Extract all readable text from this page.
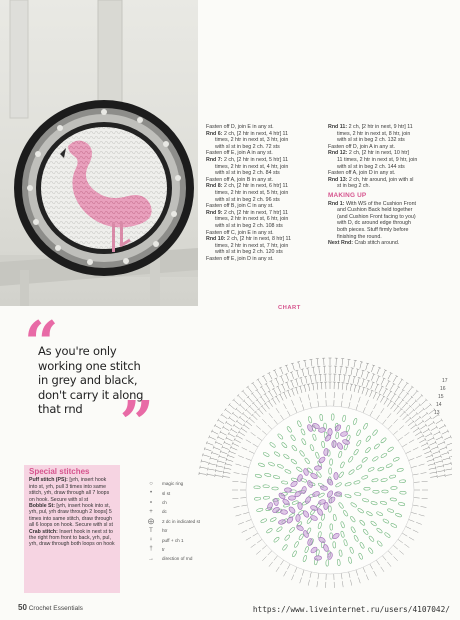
Fasten off D, join E in any st.

Rnd 6: 2 ch, [2 htr in next, 4 htr] 11

times, 2 htr in next st, 3 htr, join

with sl st in beg 2 ch. 72 sts

Fasten off E, join A in any st.

Rnd 7: 2 ch, [2 htr in next, 5 htr] 11

times, 2 htr in next st, 4 htr, join

with sl st in beg 2 ch. 84 sts

Fasten off A, join B in any st.

Rnd 8: 2 ch, [2 htr in next, 6 htr] 11

times, 2 htr in next st, 5 htr, join

with sl st in beg 2 ch. 96 sts

Fasten off B, join C in any st.

Rnd 9: 2 ch, [2 htr in next, 7 htr] 11

times, 2 htr in next st, 6 htr, join

with sl st in beg 2 ch. 108 sts

Fasten off C, join E in any st.

Rnd 10: 2 ch, [2 htr in next, 8 htr] 11

times, 2 htr in next st, 7 htr, join

with sl st in beg 2 ch. 120 sts

Fasten off E, join D in any st.

Rnd 11: 2 ch, [2 htr in next, 9 htr] 11

times, 2 htr in next st, 8 htr, join

with sl st in beg 2 ch. 132 sts

Fasten off D, join A in any st.

Rnd 12: 2 ch, [2 htr in next, 10 htr]

11 times, 2 htr in next st, 9 htr, join

with sl st in beg 2 ch. 144 sts

Fasten off A, join D in any st.

Rnd 13: 2 ch, htr around, join with sl

st in beg 2 ch.

MAKING UP

Rnd 1: With WS of the Cushion Front

and Cushion Back held together

(and Cushion Front facing to you)

with D, dc around edge through

both pieces. Stuff firmly before

finishing the round.

Next Rnd: Crab stitch around.

“
As you're only working one stitch in grey and black, don't carry it along that rnd ”
Special stitches

Puff stitch (PS): [yrh, insert hook into st, yrh, pull 3 times into same stitch, yrh, draw through all 7 loops on hook. Secure with sl st

Bobble St: [yrh, insert hook into st, yrh, pul, yrh draw through 2 loops] 5 times into same stitch, draw through all 6 loops on hook. Secure with sl st

Crab stitch: Insert hook in next st to the right from front to back, yrh, pul, yrh, draw through both loops on hook

○	magic ring
•	sl st
∘	ch
+	dc
⨁	2 dc in indicated st
T	htr
♀	puff + ch 1
†	tr
→	direction of rnd
CHART
17
16
15
14
13
50 Crochet Essentials	https://www.liveinternet.ru/users/4107042/
